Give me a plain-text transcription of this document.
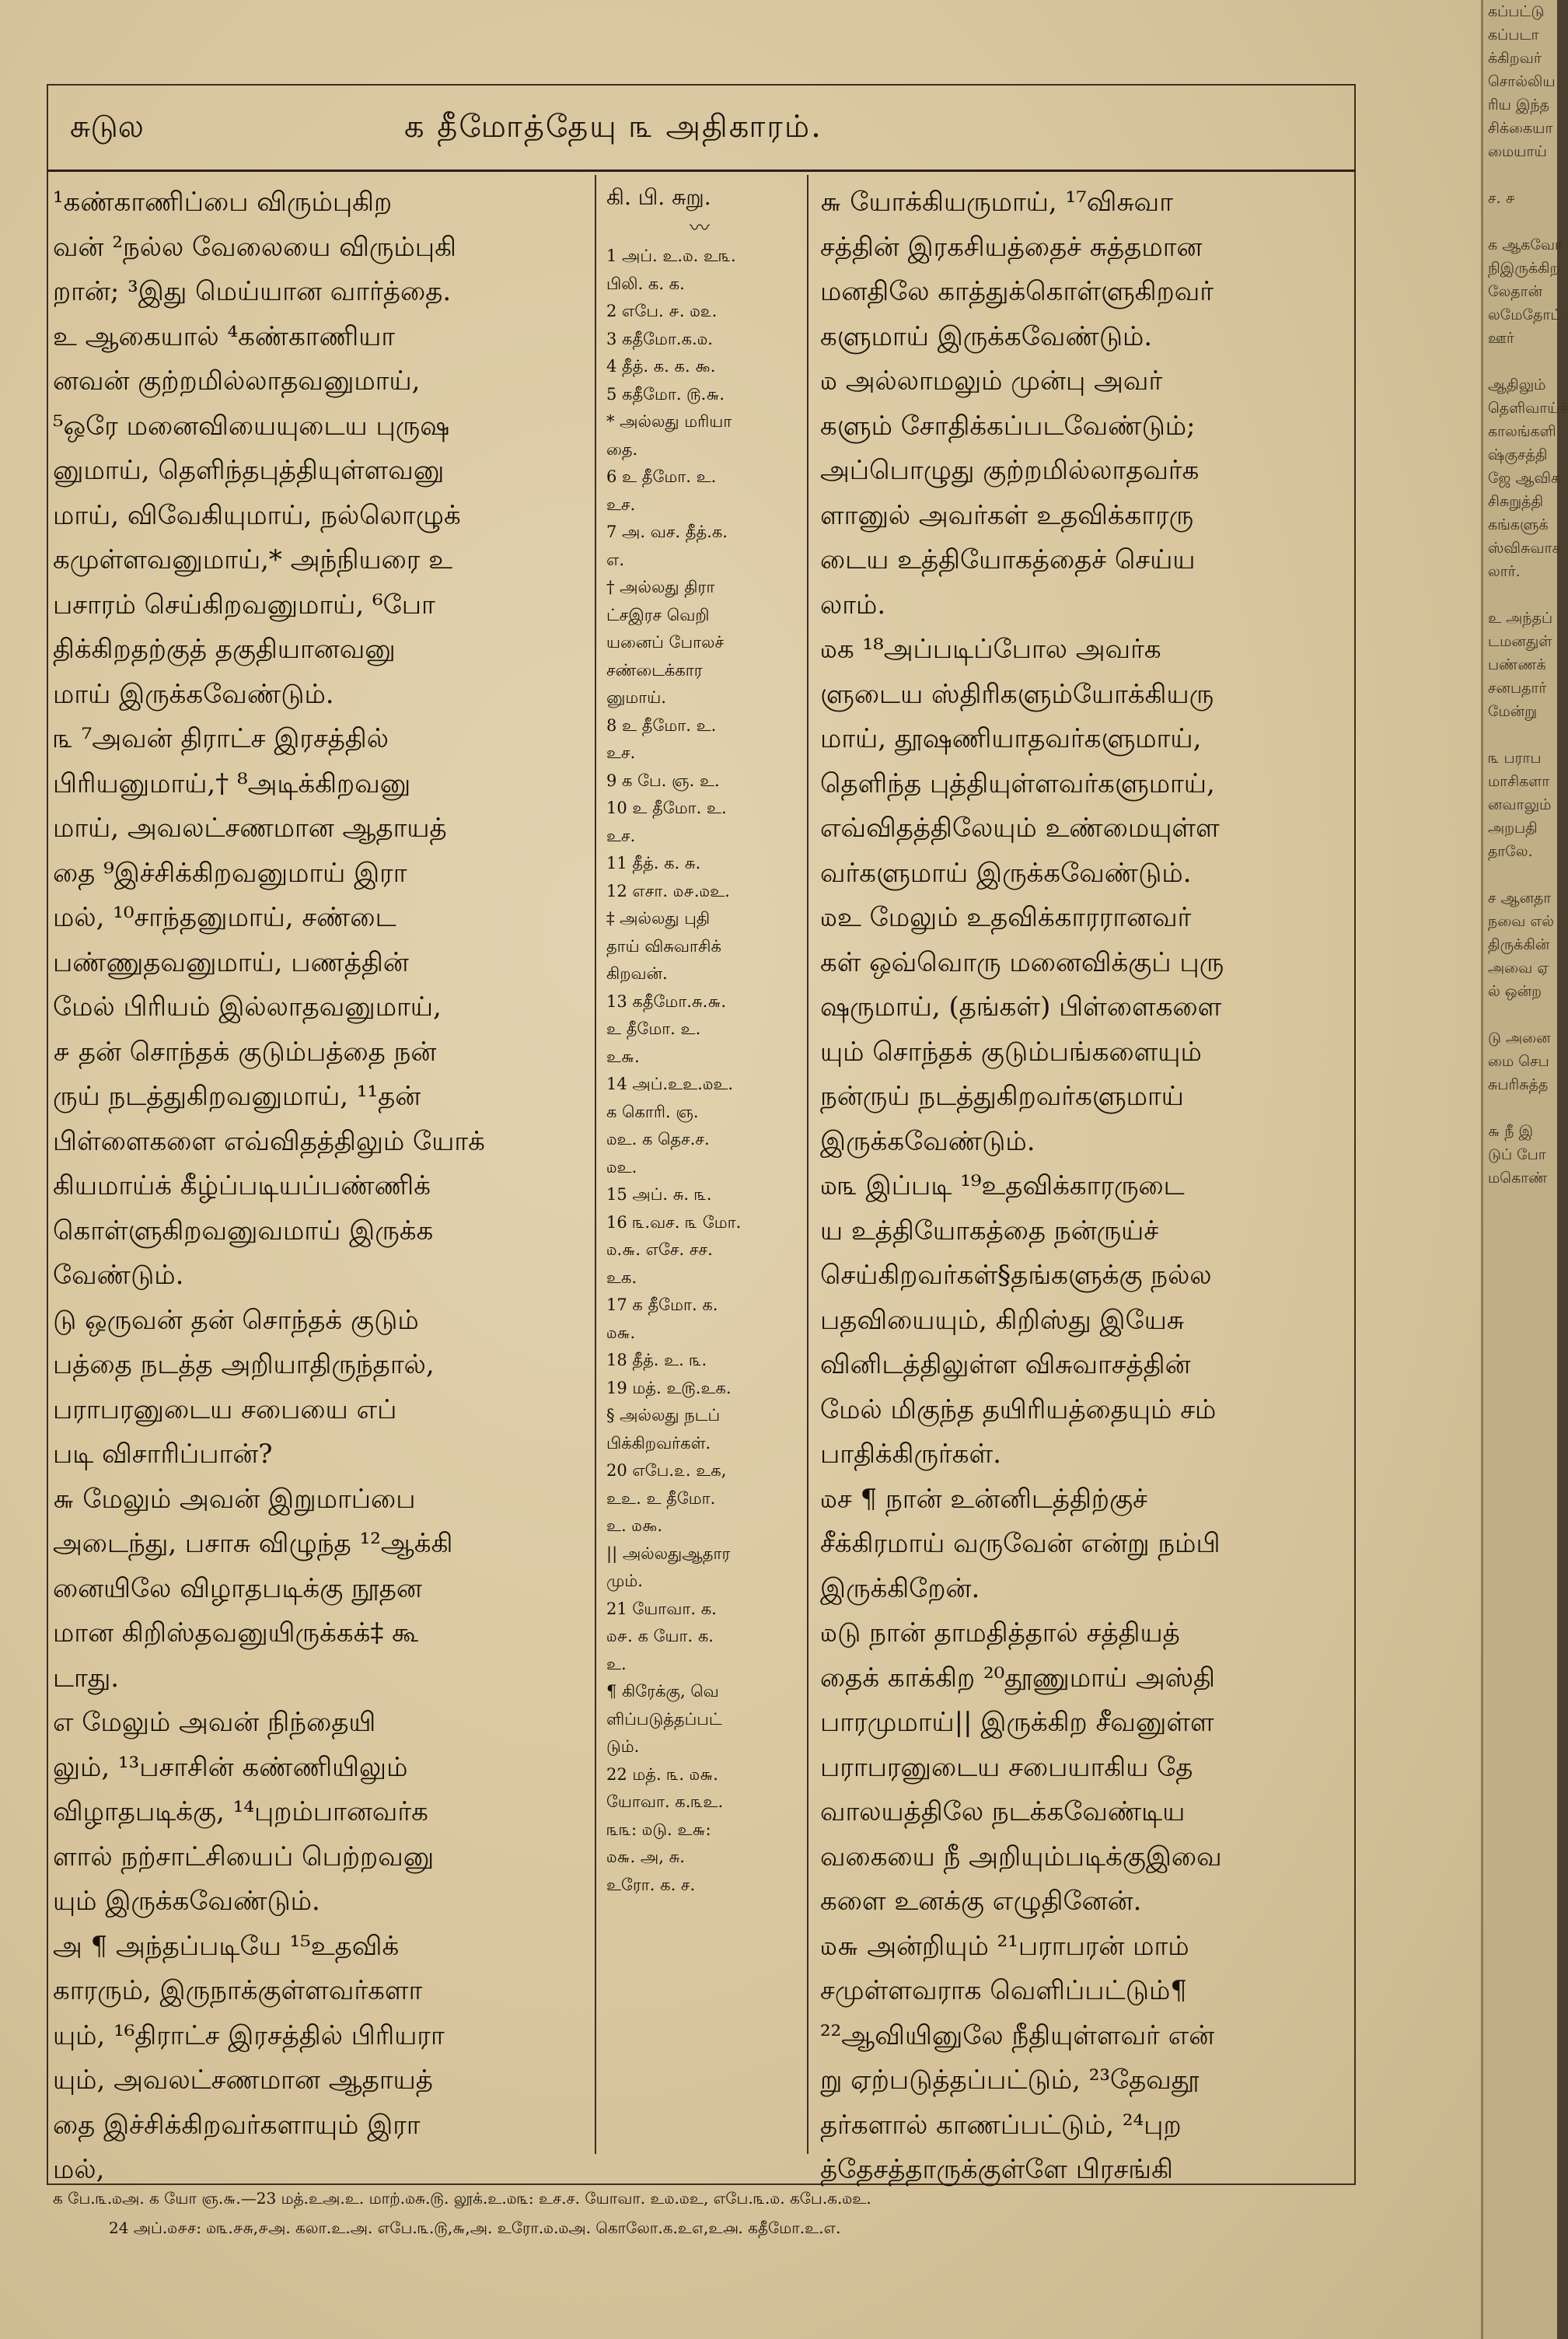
சுடுல	க தீமோத்தேயு ௩ அதிகாரம்.
¹கண்காணிப்பை விரும்புகிற
வன் ²நல்ல வேலையை விரும்புகி
றான்; ³இது மெய்யான வார்த்தை.
உ ஆகையால் ⁴கண்காணியா
னவன் குற்றமில்லாதவனுமாய்,
⁵ஒரே மனைவியையுடைய புருஷ
னுமாய், தெளிந்தபுத்தியுள்ளவனு
மாய், விவேகியுமாய், நல்லொழுக்
கமுள்ளவனுமாய்,* அந்நியரை உ
பசாரம் செய்கிறவனுமாய், ⁶போ
திக்கிறதற்குத் தகுதியானவனு
மாய் இருக்கவேண்டும்.
௩ ⁷அவன் திராட்ச இரசத்தில்
பிரியனுமாய்,† ⁸அடிக்கிறவனு
மாய், அவலட்சணமான ஆதாயத்
தை ⁹இச்சிக்கிறவனுமாய் இரா
மல், ¹⁰சாந்தனுமாய், சண்டை
பண்ணுதவனுமாய், பணத்தின்
மேல் பிரியம் இல்லாதவனுமாய்,
௪ தன் சொந்தக் குடும்பத்தை நன்
ருய் நடத்துகிறவனுமாய், ¹¹தன்
பிள்ளைகளை எவ்விதத்திலும் யோக்
கியமாய்க் கீழ்ப்படியப்பண்ணிக்
கொள்ளுகிறவனுவமாய் இருக்க
வேண்டும்.
டு ஒருவன் தன் சொந்தக் குடும்
பத்தை நடத்த அறியாதிருந்தால்,
பராபரனுடைய சபையை எப்
படி விசாரிப்பான்?
௬ மேலும் அவன் இறுமாப்பை
அடைந்து, பசாசு விழுந்த ¹²ஆக்கி
னையிலே விழாதபடிக்கு நூதன
மான கிறிஸ்தவனுயிருக்கக்‡ கூ
டாது.
எ மேலும் அவன் நிந்தையி
லும், ¹³பசாசின் கண்ணியிலும்
விழாதபடிக்கு, ¹⁴புறம்பானவர்க
ளால் நற்சாட்சியைப் பெற்றவனு
யும் இருக்கவேண்டும்.
அ ¶ அந்தப்படியே ¹⁵உதவிக்
காரரும், இருநாக்குள்ளவர்களா
யும், ¹⁶திராட்ச இரசத்தில் பிரியரா
யும், அவலட்சணமான ஆதாயத்
தை இச்சிக்கிறவர்களாயும் இரா
மல்,
கி. பி. சுறு.
〰
1 அப். உ.௰. உ௩.
பிலி. க. க.
2 எபே. ௪. ௰௨.
3 கதீமோ.க.௰.
4 தீத். க. க. ௯.
5 கதீமோ. ௫.௬.
* அல்லது மரியா
தை.
6 உ தீமோ. உ.
உச.
7 அ. வச. தீத்.க.
எ.
† அல்லது திரா
ட்சஇரச வெறி
யனைப் போலச்
சண்டைக்கார
னுமாய்.
8 உ தீமோ. உ.
உச.
9 க பே. ஞ. உ.
10 உ தீமோ. உ.
உச.
11 தீத். க. சு.
12 எசா. ௰௪.௰உ.
‡ அல்லது புதி
தாய் விசுவாசிக்
கிறவன்.
13 கதீமோ.சு.௬.
உ தீமோ. உ.
உ௬.
14 அப்.உஉ.௰உ.
க கொரி. ஞ.
௰உ. க தெச.ச.
௰உ.
15 அப். சு. ௩.
16 ௩.வச. ௩ மோ.
௰.௬. எசே. சச.
உக.
17 க தீமோ. க.
௰௬.
18 தீத். உ. ௩.
19 மத். உ௫.உக.
§ அல்லது நடப்
பிக்கிறவர்கள்.
20 எபே.௨. உக,
உஉ. உ தீமோ.
உ. ௰௯.
|| அல்லதுஆதார
மும்.
21 யோவா. க.
௰௪. க யோ. க.
உ.
¶ கிரேக்கு, வெ
ளிப்படுத்தப்பட்
டும்.
22 மத். ௩. ௰௬.
யோவா. க.௩உ.
௩௩: ௰டு. உ௬:
௰௬. அ, சு.
உரோ. க. ச.
௬ யோக்கியருமாய், ¹⁷விசுவா
சத்தின் இரகசியத்தைச் சுத்தமான
மனதிலே காத்துக்கொள்ளுகிறவர்
களுமாய் இருக்கவேண்டும்.
௰ அல்லாமலும் முன்பு அவர்
களும் சோதிக்கப்படவேண்டும்;
அப்பொழுது குற்றமில்லாதவர்க
ளானுல் அவர்கள் உதவிக்காரரு
டைய உத்தியோகத்தைச் செய்ய
லாம்.
௰க ¹⁸அப்படிப்போல அவர்க
ளுடைய ஸ்திரிகளும்யோக்கியரு
மாய், தூஷணியாதவர்களுமாய்,
தெளிந்த புத்தியுள்ளவர்களுமாய்,
எவ்விதத்திலேயும் உண்மையுள்ள
வர்களுமாய் இருக்கவேண்டும்.
௰உ மேலும் உதவிக்காரரானவர்
கள் ஒவ்வொரு மனைவிக்குப் புரு
ஷருமாய், (தங்கள்) பிள்ளைகளை
யும் சொந்தக் குடும்பங்களையும்
நன்ருய் நடத்துகிறவர்களுமாய்
இருக்கவேண்டும்.
௰௩ இப்படி ¹⁹உதவிக்காரருடை
ய உத்தியோகத்தை நன்ருய்ச்
செய்கிறவர்கள்§தங்களுக்கு நல்ல
பதவியையும், கிறிஸ்து இயேசு
வினிடத்திலுள்ள விசுவாசத்தின்
மேல் மிகுந்த தயிரியத்தையும் சம்
பாதிக்கிருர்கள்.
௰ச ¶ நான் உன்னிடத்திற்குச்
சீக்கிரமாய் வருவேன் என்று நம்பி
இருக்கிறேன்.
௰டு நான் தாமதித்தால் சத்தியத்
தைக் காக்கிற ²⁰தூணுமாய் அஸ்தி
பாரமுமாய்|| இருக்கிற சீவனுள்ள
பராபரனுடைய சபையாகிய தே
வாலயத்திலே நடக்கவேண்டிய
வகையை நீ அறியும்படிக்குஇவை
களை உனக்கு எழுதினேன்.
௰௬ அன்றியும் ²¹பராபரன் மாம்
சமுள்ளவராக வெளிப்பட்டும்¶
²²ஆவியினுலே நீதியுள்ளவர் என்
று ஏற்படுத்தப்பட்டும், ²³தேவதூ
தர்களால் காணப்பட்டும், ²⁴புற
த்தேசத்தாருக்குள்ளே பிரசங்கி
க பே.௩.௰அ. க யோ ஞ.௬.—23 மத்.உஅ.உ. மாற்.௰சு.௫. லூக்.உ.௰௩: உச.ச. யோவா. உ௰.௰உ, எபே.௩.௰. கபே.க.௰உ.
24 அப்.௰௪ச: ௰௩.௪சு,௪அ. கலா.உ.அ. எபே.௩.௫,௬,அ. உரோ.௰.௰அ. கொலோ.க.உ௭,உ௮. கதீமோ.உ.எ.
கப்பட்டு
கப்படா
க்கிறவர்
சொல்லிய
ரிய இந்த
சிக்கையா
மையாய்

ச. ௪

க ஆகவோ
நிஇருக்கிற
லேதான்
லமேதோட்
ஊர்

ஆதிலும்
தெளிவாய்ச்
காலங்களி
ஷ்குசத்தி
ஜே ஆவிக
சிசுறுத்தி
கங்களுக்
ஸ்விசுவாச
லார்.

உ அந்தப்
டமனதுள்
பண்ணக்
சனபதார்
மேன்று

௩ பராப
மாசிகளா
னவாலும்
அறபதி
தாலே.

ச ஆனதா
நவை எல்
திருக்கின்
அவை ஏ
ல் ஒன்ற

டு அனை
மை செப
சுபரிசுத்த

௬ நீ இ
டுப் போ
மகொண்
